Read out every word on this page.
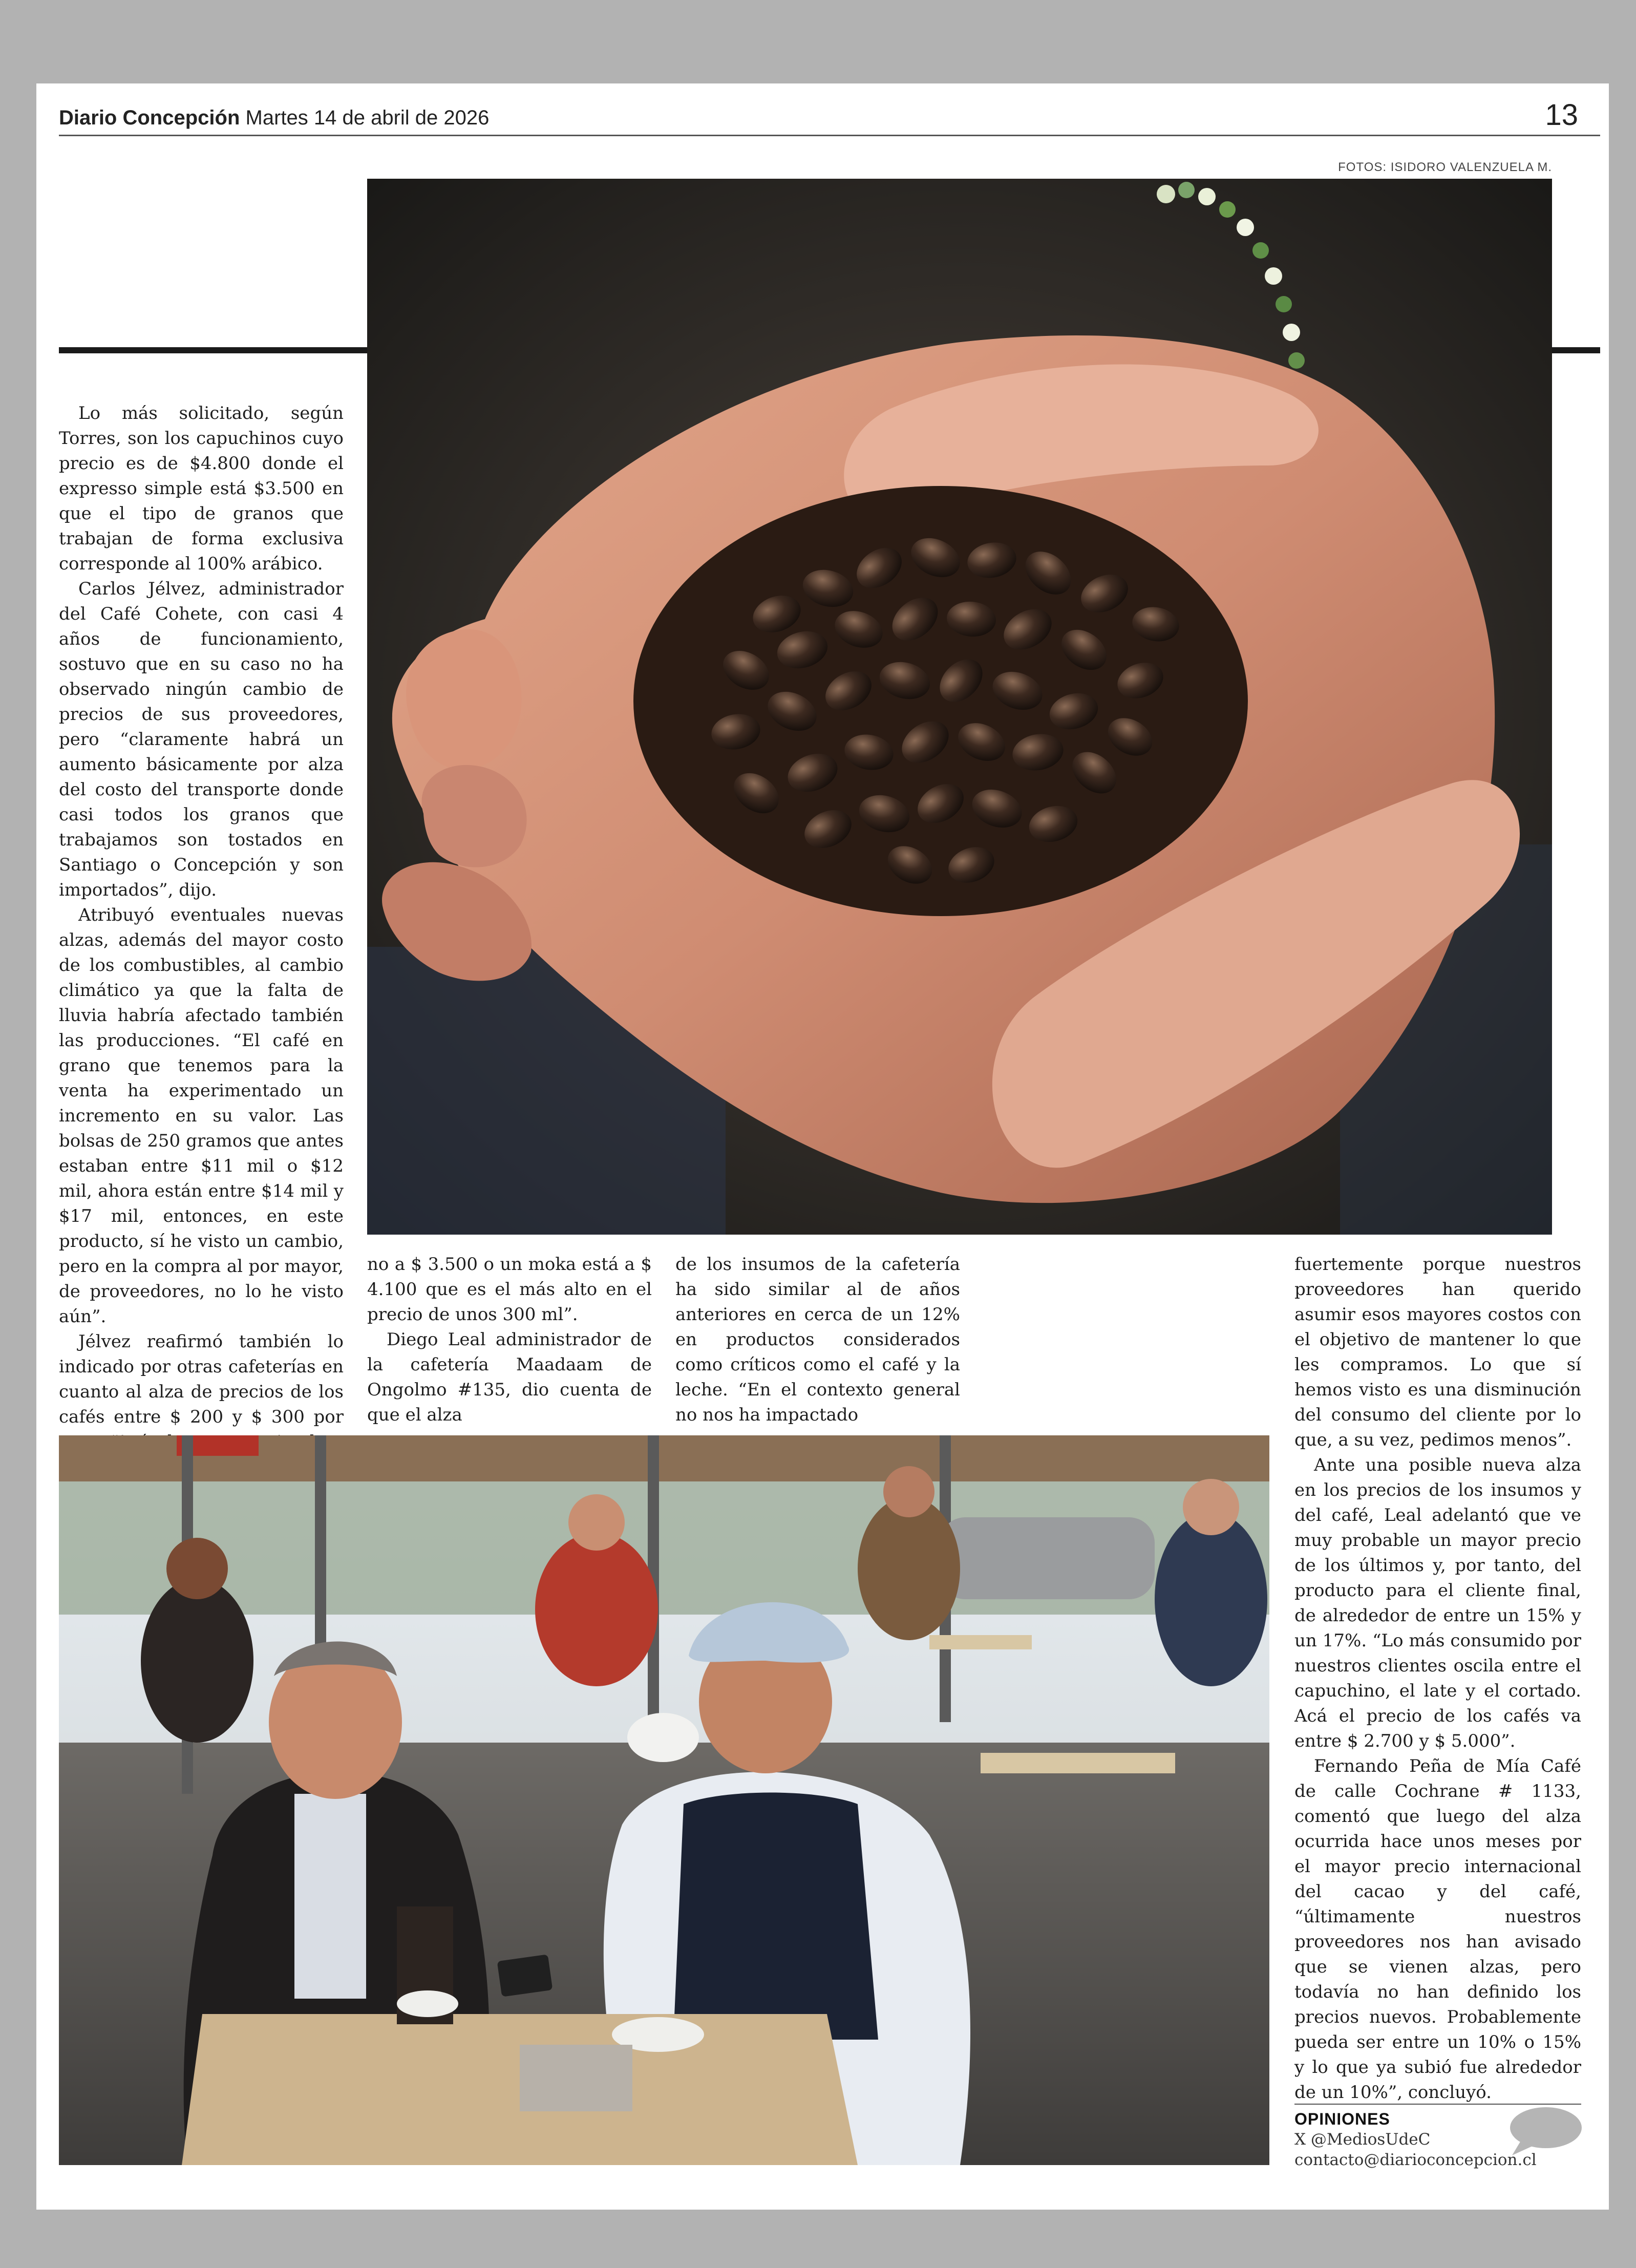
Diario Concepción Martes 14 de abril de 2026	13
FOTOS: ISIDORO VALENZUELA M.

Lo más solicitado, según Torres, son los capuchinos cuyo precio es de $4.800 donde el expresso simple está $3.500 en que el tipo de granos que trabajan de forma exclusiva corresponde al 100% arábico.

Carlos Jélvez, administrador del Café Cohete, con casi 4 años de funcionamiento, sostuvo que en su caso no ha observado ningún cambio de precios de sus proveedores, pero “claramente habrá un aumento básicamente por alza del costo del transporte donde casi todos los granos que trabajamos son tostados en Santiago o Concepción y son importados”, dijo.

Atribuyó eventuales nuevas alzas, además del mayor costo de los combustibles, al cambio climático ya que la falta de lluvia habría afectado también las producciones. “El café en grano que tenemos para la venta ha experimentado un incremento en su valor. Las bolsas de 250 gramos que antes estaban entre $11 mil o $12 mil, ahora están entre $14 mil y $17 mil, entonces, en este producto, sí he visto un cambio, pero en la compra al por mayor, de proveedores, no lo he visto aún”.

Jélvez reafirmó también lo indicado por otras cafeterías en cuanto al alza de precios de los cafés entre $ 200 y $ 300 por

no a $ 3.500 o un moka está a $ 4.100 que es el más alto en el precio de unos 300 ml”.

Diego Leal administrador de la cafetería Maadaam de Ongolmo #135, dio cuenta de que el alza

de los insumos de la cafetería ha sido similar al de años anteriores en cerca de un 12% en productos considerados como críticos como el café y la leche. “En el contexto general no nos ha impactado

fuertemente porque nuestros proveedores han querido asumir esos mayores costos con el objetivo de mantener lo que les compramos. Lo que sí hemos visto es una disminución del consumo del cliente por lo que, a su vez, pedimos menos”.

Ante una posible nueva alza en los precios de los insumos y del café, Leal adelantó que ve muy probable un mayor precio de los últimos y, por tanto, del producto para el cliente final, de alrededor de entre un 15% y un 17%. “Lo más consumido por nuestros clientes oscila entre el capuchino, el late y el cortado. Acá el precio de los cafés va entre $ 2.700 y $ 5.000”.

Fernando Peña de Mía Café de calle Cochrane # 1133, comentó que luego del alza ocurrida hace unos meses por el mayor precio internacional del cacao y del café, “últimamente nuestros proveedores nos han avisado que se vienen alzas, pero todavía no han definido los precios nuevos. Probablemente pueda ser entre un 10% o 15% y lo que ya subió fue alrededor de un 10%”, concluyó.

OPINIONES
X @MediosUdeC
contacto@diarioconcepcion.cl
